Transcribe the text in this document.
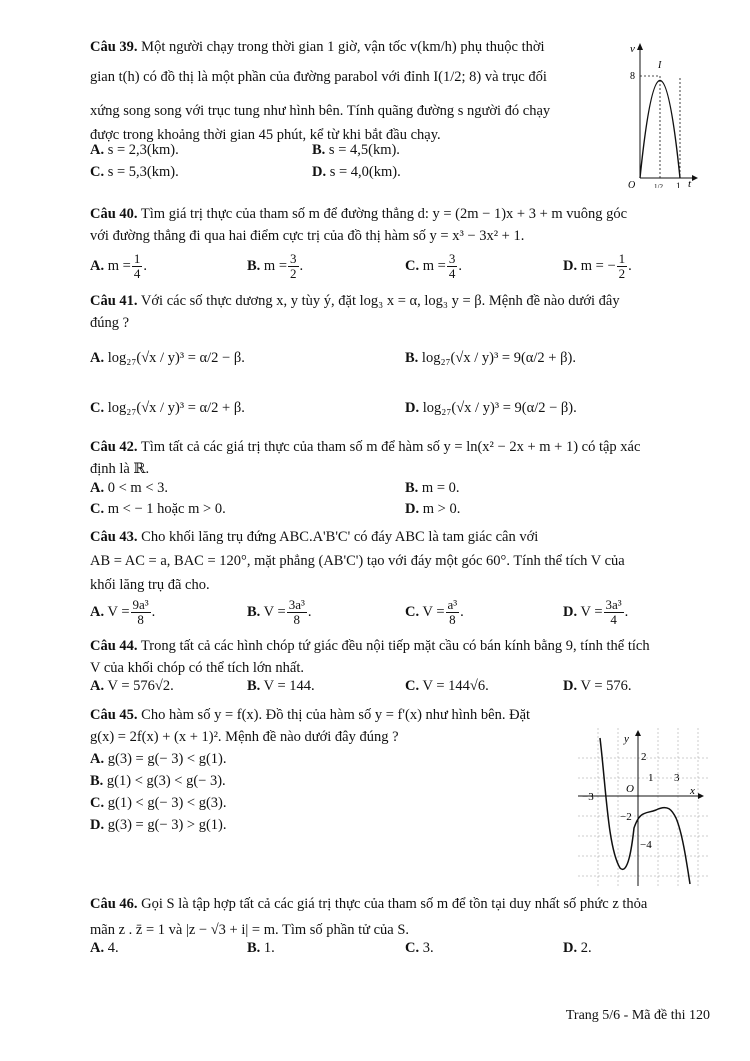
Câu 39. Một người chạy trong thời gian 1 giờ, vận tốc v(km/h) phụ thuộc thời
gian t(h) có đồ thị là một phần của đường parabol với đỉnh I(1/2; 8) và trục đối
xứng song song với trục tung như hình bên. Tính quãng đường s người đó chạy
được trong khoảng thời gian 45 phút, kể từ khi bắt đầu chạy.
A. s = 2,3(km).	B. s = 4,5(km).
C. s = 5,3(km).	D. s = 4,0(km).
v
t
O
8
I
1/2 1
Câu 40. Tìm giá trị thực của tham số m để đường thẳng d: y = (2m − 1)x + 3 + m vuông góc
với đường thẳng đi qua hai điểm cực trị của đồ thị hàm số y = x³ − 3x² + 1.
A. $m = \frac{1}{4}$ .	B. $m = \frac{3}{2}$ .	C. $m = \frac{3}{4}$ .	D. m = − $\frac{1}{2}$ .
Câu 41. Với các số thực dương x, y tùy ý, đặt log₃ x = α, log₃ y = β. Mệnh đề nào dưới đây
đúng ?
A. log₂₇(√x / y)³ = α/2 − β.	B. log₂₇(√x / y)³ = 9(α/2 + β).
C. log₂₇(√x / y)³ = α/2 + β.	D. log₂₇(√x / y)³ = 9(α/2 − β).
Câu 42. Tìm tất cả các giá trị thực của tham số m để hàm số y = ln(x² − 2x + m + 1) có tập xác
định là ℝ.
A. 0 < m < 3.	B. m = 0.
C. m < − 1 hoặc m > 0.	D. m > 0.
Câu 43. Cho khối lăng trụ đứng ABC.A'B'C' có đáy ABC là tam giác cân với
AB = AC = a, BAC = 120°, mặt phẳng (AB'C') tạo với đáy một góc 60°. Tính thể tích V của
khối lăng trụ đã cho.
A. $V = \frac{\text{9a³}}{8}$ .	B. $V = \frac{\text{3a³}}{8}$ .	C. $V = \frac{\text{a³}}{8}$ .	D. $V = \frac{\text{3a³}}{4}$ .
Câu 44. Trong tất cả các hình chóp tứ giác đều nội tiếp mặt cầu có bán kính bằng 9, tính thể tích
V của khối chóp có thể tích lớn nhất.
A. V = 576√2.	B. V = 144.	C. V = 144√6.	D. V = 576.
Câu 45. Cho hàm số y = f(x). Đồ thị của hàm số y = f'(x) như hình bên. Đặt
g(x) = 2f(x) + (x + 1)². Mệnh đề nào dưới đây đúng ?
A. g(3) = g(− 3) < g(1).
B. g(1) < g(3) < g(− 3).
C. g(1) < g(− 3) < g(3).
D. g(3) = g(− 3) > g(1).
y
x
O
2
1 3
−3
−2
−4
Câu 46. Gọi S là tập hợp tất cả các giá trị thực của tham số m để tồn tại duy nhất số phức z thỏa
mãn z . z̄ = 1 và |z − √3 + i| = m. Tìm số phần tử của S.
A. 4.	B. 1.	C. 3.	D. 2.
Trang 5/6 - Mã đề thi 120
